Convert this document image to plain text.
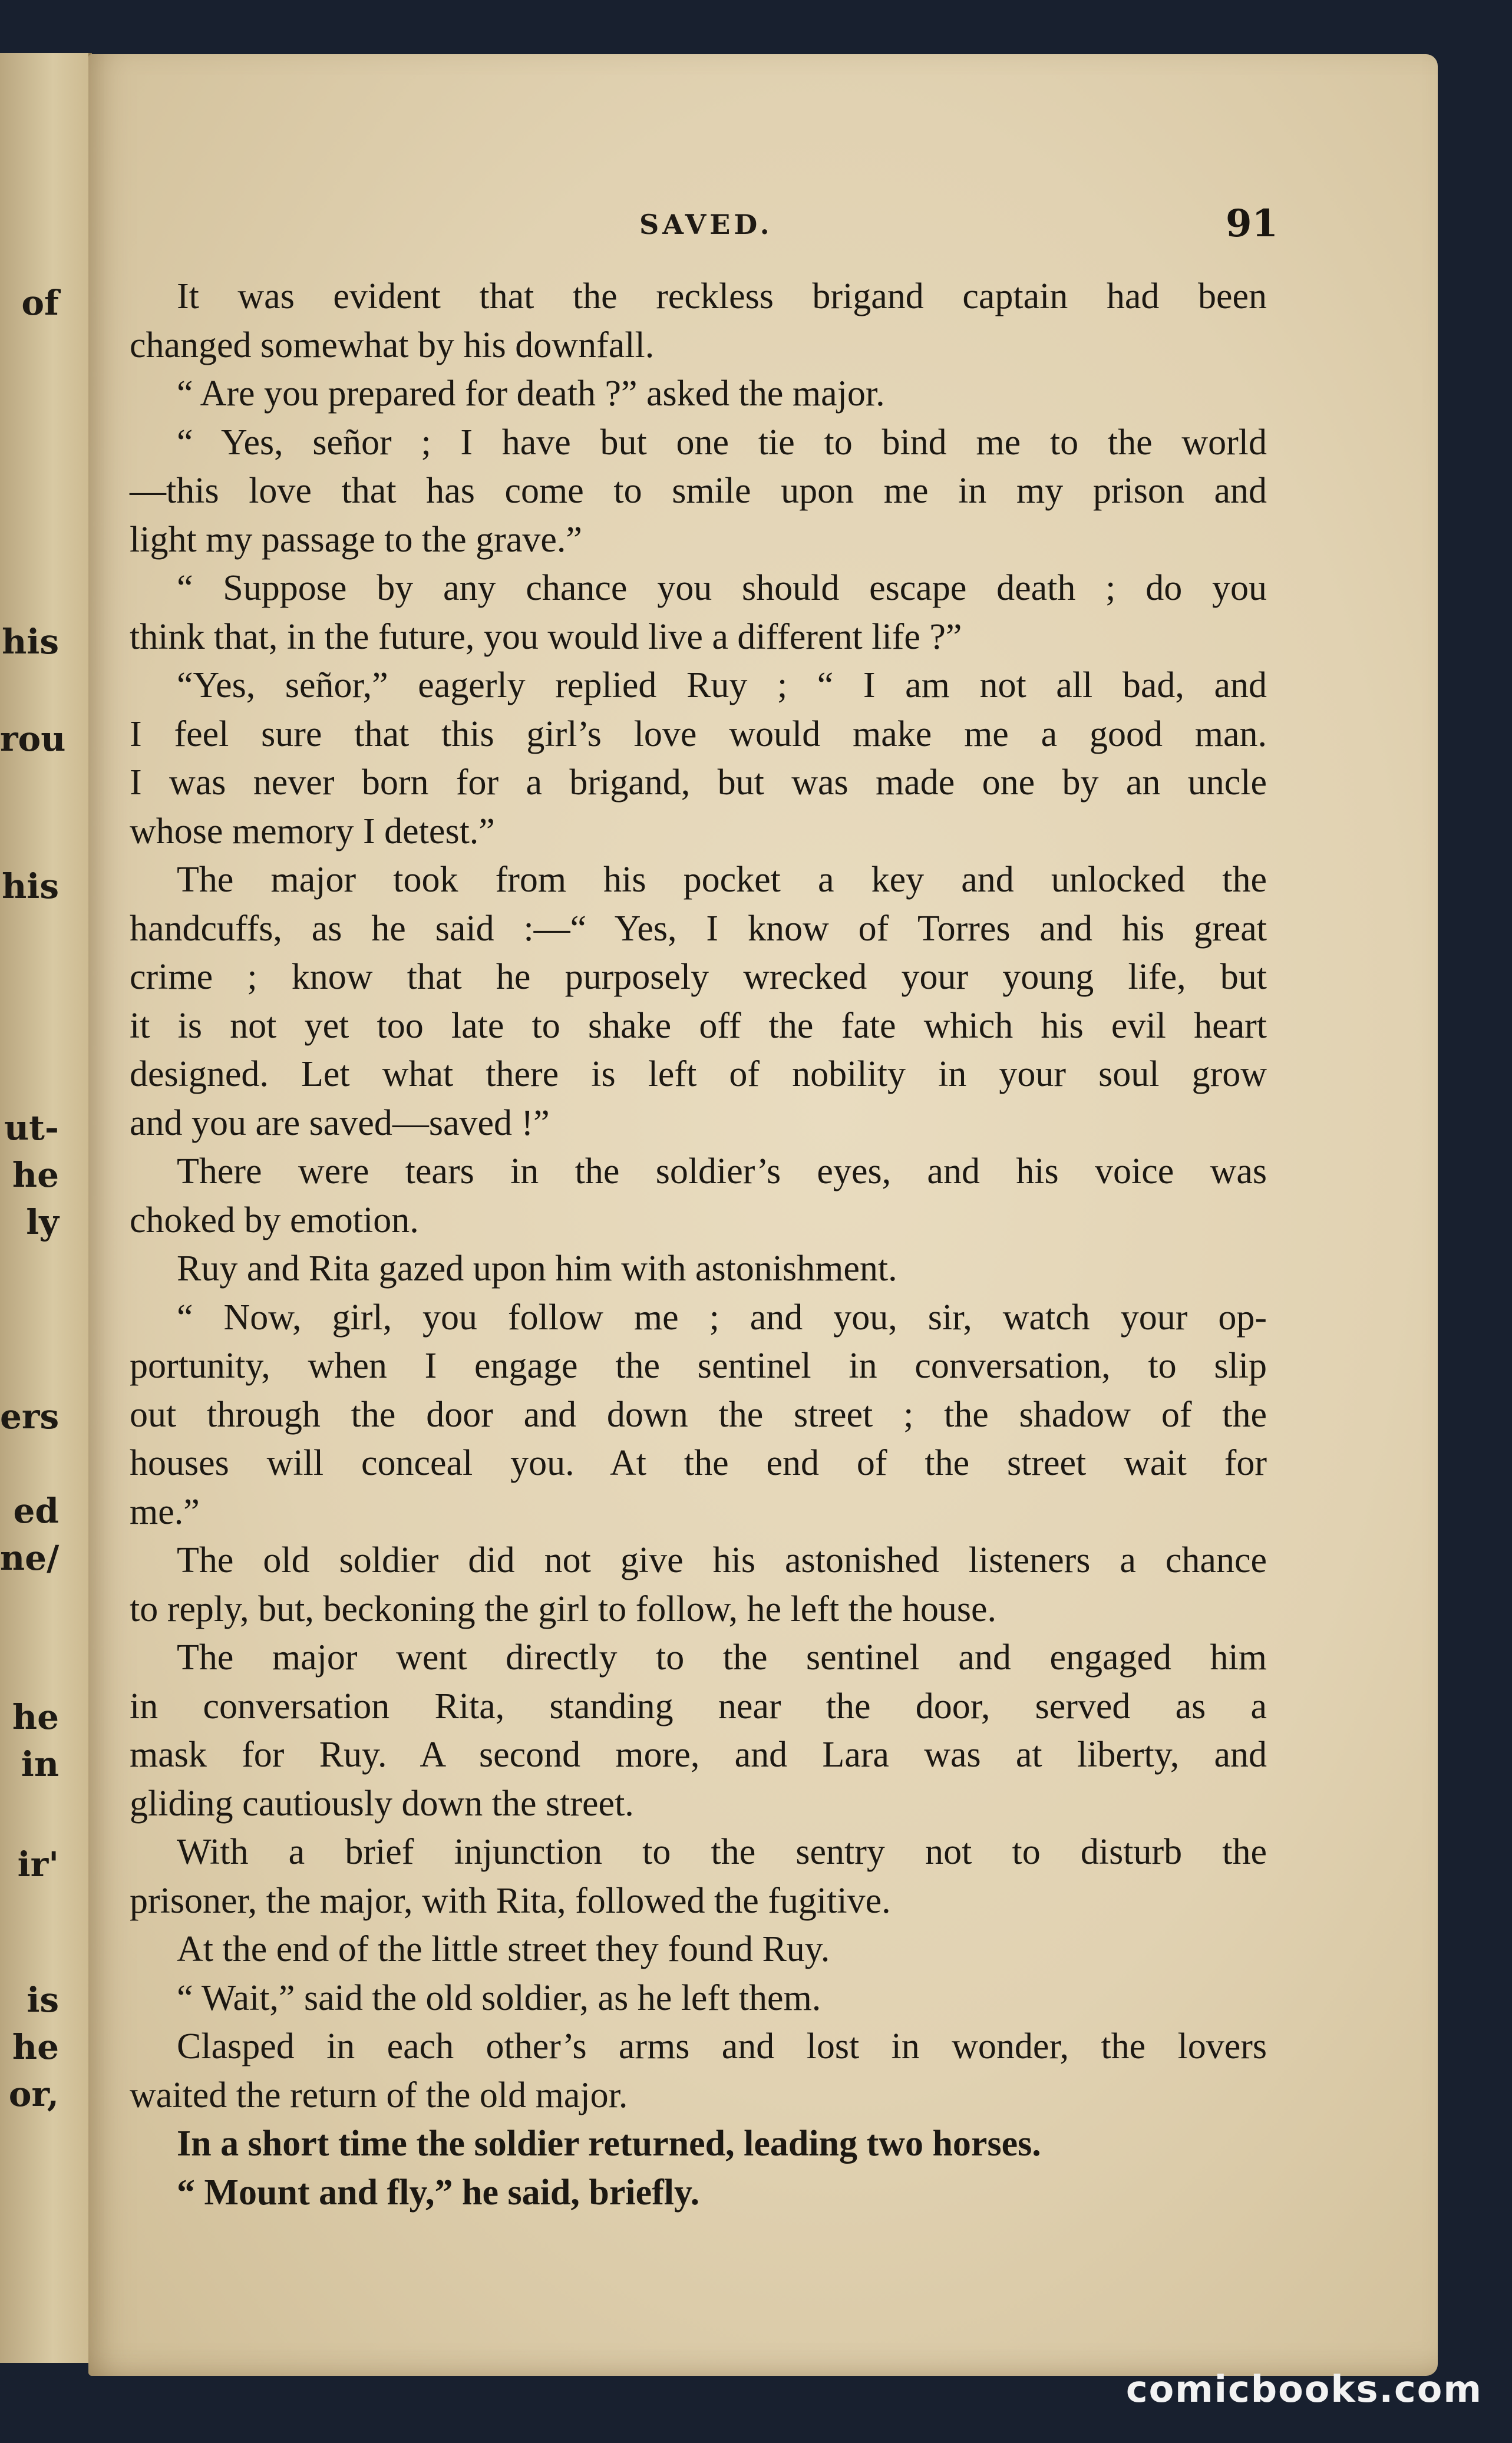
of
his
rou
his
ut-
he
ly
ers
ed
ne/
he
in
ir'
is
he
or,
SAVED.	91
It was evident that the reckless brigand captain had been
changed somewhat by his downfall.
“ Are you prepared for death ?” asked the major.
“ Yes, señor ; I have but one tie to bind me to the world
—this love that has come to smile upon me in my prison and
light my passage to the grave.”
“ Suppose by any chance you should escape death ; do you
think that, in the future, you would live a different life ?”
“Yes, señor,” eagerly replied Ruy ; “ I am not all bad, and
I feel sure that this girl’s love would make me a good man.
I was never born for a brigand, but was made one by an uncle
whose memory I detest.”
The major took from his pocket a key and unlocked the
handcuffs, as he said :—“ Yes, I know of Torres and his great
crime ; know that he purposely wrecked your young life, but
it is not yet too late to shake off the fate which his evil heart
designed. Let what there is left of nobility in your soul grow
and you are saved—saved !”
There were tears in the soldier’s eyes, and his voice was
choked by emotion.
Ruy and Rita gazed upon him with astonishment.
“ Now, girl, you follow me ; and you, sir, watch your op-
portunity, when I engage the sentinel in conversation, to slip
out through the door and down the street ; the shadow of the
houses will conceal you. At the end of the street wait for
me.”
The old soldier did not give his astonished listeners a chance
to reply, but, beckoning the girl to follow, he left the house.
The major went directly to the sentinel and engaged him
in conversation Rita, standing near the door, served as a
mask for Ruy. A second more, and Lara was at liberty, and
gliding cautiously down the street.
With a brief injunction to the sentry not to disturb the
prisoner, the major, with Rita, followed the fugitive.
At the end of the little street they found Ruy.
“ Wait,” said the old soldier, as he left them.
Clasped in each other’s arms and lost in wonder, the lovers
waited the return of the old major.
In a short time the soldier returned, leading two horses.
“ Mount and fly,” he said, briefly.
comicbooks.com
